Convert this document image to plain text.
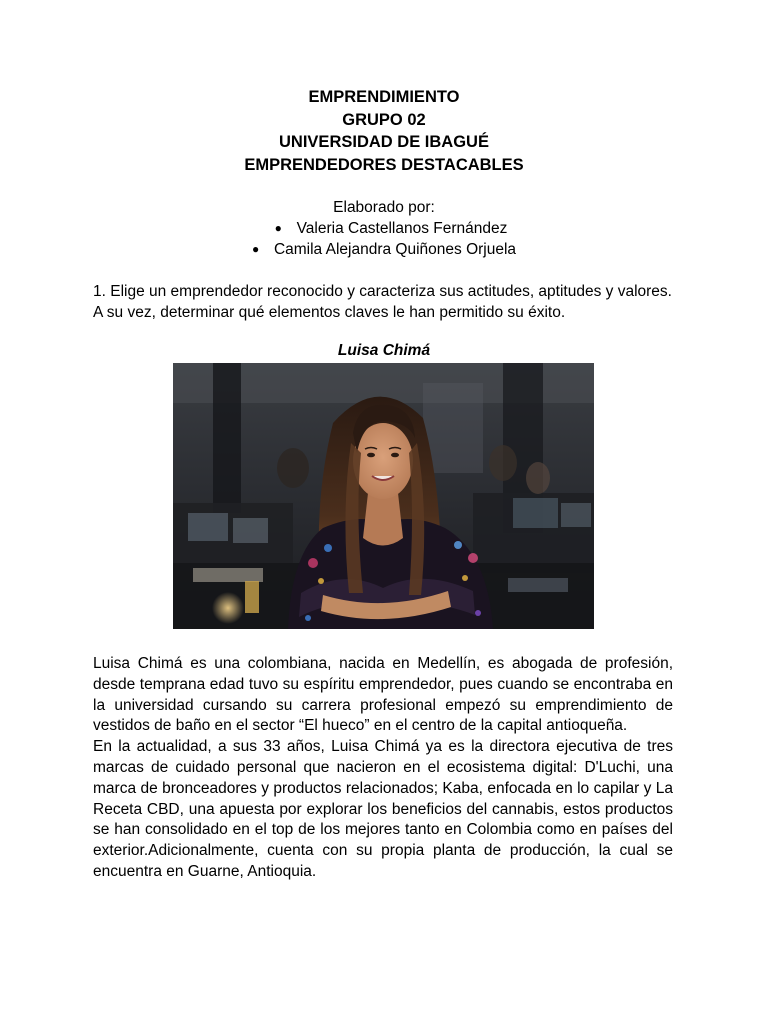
EMPRENDIMIENTO
GRUPO 02
UNIVERSIDAD DE IBAGUÉ
EMPRENDEDORES DESTACABLES
Elaborado por:
● Valeria Castellanos Fernández
● Camila Alejandra Quiñones Orjuela
1. Elige un emprendedor reconocido y caracteriza sus actitudes, aptitudes y valores. A su vez, determinar qué elementos claves le han permitido su éxito.
Luisa Chimá

Luisa Chimá es una colombiana, nacida en Medellín, es abogada de profesión, desde temprana edad tuvo su espíritu emprendedor, pues cuando se encontraba en la universidad cursando su carrera profesional empezó su emprendimiento de vestidos de baño en el sector “El hueco” en el centro de la capital antioqueña.

En la actualidad, a sus 33 años, Luisa Chimá ya es la directora ejecutiva de tres marcas de cuidado personal que nacieron en el ecosistema digital: D'Luchi, una marca de bronceadores y productos relacionados; Kaba, enfocada en lo capilar y La Receta CBD, una apuesta por explorar los beneficios del cannabis, estos productos se han consolidado en el top de los mejores tanto en Colombia como en países del exterior.Adicionalmente, cuenta con su propia planta de producción, la cual se encuentra en Guarne, Antioquia.
